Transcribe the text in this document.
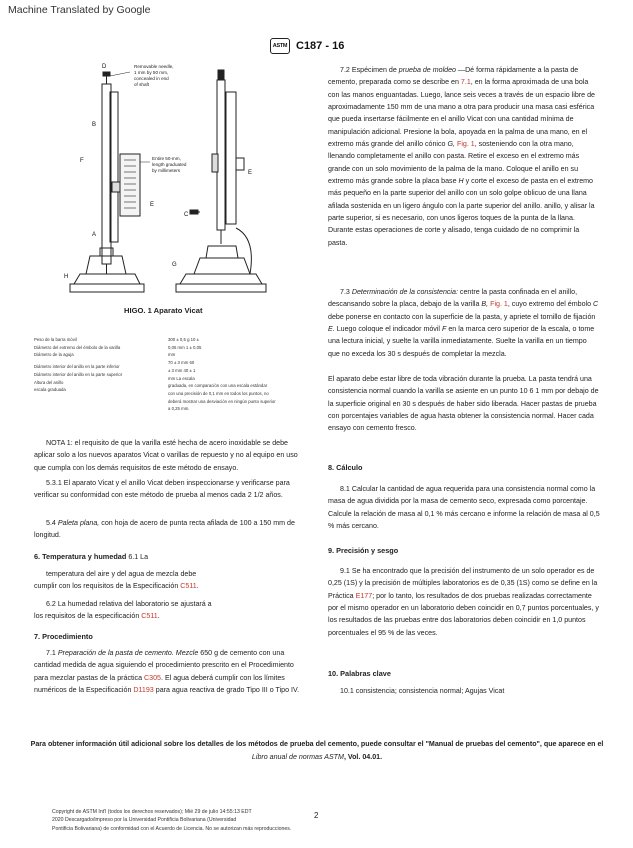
Machine Translated by Google
ASTM C187 - 16
D
B
F
E
A
H
C
G
E
Removable needle,
1 mm by 50 mm,
concealed in end
of shaft
Entire 50-mm,
length graduated
by millimeters
HIGO. 1 Aparato Vicat
Peso de la barra móvil
Diámetro del extremo del émbolo de la varilla
Diámetro de la aguja
Diámetro interior del anillo en la parte inferior
Diámetro interior del anillo en la parte superior
Altura del anillo
escala graduada
300 ± 0,5 g 10 ±
0,05 mm 1 ± 0,05
mm
70 ± 3 mm 60
± 3 mm 40 ± 1
mm La escala
graduada, en comparación con una escala estándar
con una precisión de 0,1 mm en todos los puntos, no
deberá mostrar una desviación en ningún punto superior
a 0,25 mm.
NOTA 1: el requisito de que la varilla esté hecha de acero inoxidable se debe aplicar solo a los nuevos aparatos Vicat o varillas de repuesto y no al equipo en uso que cumpla con los demás requisitos de este método de ensayo.
5.3.1 El aparato Vicat y el anillo Vicat deben inspeccionarse y verificarse para verificar su conformidad con este método de prueba al menos cada 2 1/2 años.
5.4 Paleta plana, con hoja de acero de punta recta afilada de 100 a 150 mm de longitud.
6. Temperatura y humedad 6.1 La
temperatura del aire y del agua de mezcla debe
cumplir con los requisitos de la Especificación C511.
6.2 La humedad relativa del laboratorio se ajustará a
los requisitos de la especificación C511.
7. Procedimiento
7.1 Preparación de la pasta de cemento. Mezcle 650 g de cemento con una cantidad medida de agua siguiendo el procedimiento prescrito en el Procedimiento para mezclar pastas de la práctica C305. El agua deberá cumplir con los límites numéricos de la Especificación D1193 para agua reactiva de grado Tipo III o Tipo IV.
7.2 Espécimen de prueba de moldeo —Dé forma rápidamente a la pasta de cemento, preparada como se describe en 7.1, en la forma aproximada de una bola con las manos enguantadas. Luego, lance seis veces a través de un espacio libre de aproximadamente 150 mm de una mano a otra para producir una masa casi esférica que pueda insertarse fácilmente en el anillo Vicat con una cantidad mínima de manipulación adicional. Presione la bola, apoyada en la palma de una mano, en el extremo más grande del anillo cónico G, Fig. 1, sosteniendo con la otra mano, llenando completamente el anillo con pasta. Retire el exceso en el extremo más grande con un solo movimiento de la palma de la mano. Coloque el anillo en su extremo más grande sobre la placa base H y corte el exceso de pasta en el extremo más pequeño en la parte superior del anillo con un solo golpe oblicuo de una llana afilada sostenida en un ligero ángulo con la parte superior del anillo. anillo, y alisar la parte superior, si es necesario, con unos ligeros toques de la punta de la llana. Durante estas operaciones de corte y alisado, tenga cuidado de no comprimir la pasta.
7.3 Determinación de la consistencia: centre la pasta confinada en el anillo, descansando sobre la placa, debajo de la varilla B, Fig. 1, cuyo extremo del émbolo C debe ponerse en contacto con la superficie de la pasta, y apriete el tornillo de fijación E. Luego coloque el indicador móvil F en la marca cero superior de la escala, o tome una lectura inicial, y suelte la varilla inmediatamente. Suelte la varilla en un tiempo que no exceda los 30 s después de completar la mezcla.
El aparato debe estar libre de toda vibración durante la prueba. La pasta tendrá una consistencia normal cuando la varilla se asiente en un punto 10 6 1 mm por debajo de la superficie original en 30 s después de haber sido liberada. Hacer pastas de prueba con porcentajes variables de agua hasta obtener la consistencia normal. Hacer cada ensayo con cemento fresco.
8. Cálculo
8.1 Calcular la cantidad de agua requerida para una consistencia normal como la masa de agua dividida por la masa de cemento seco, expresada como porcentaje. Calcule la relación de masa al 0,1 % más cercano e informe la relación de masa al 0,5 % más cercano.
9. Precisión y sesgo
9.1 Se ha encontrado que la precisión del instrumento de un solo operador es de 0,25 (1S) y la precisión de múltiples laboratorios es de 0,35 (1S) como se define en la Práctica E177; por lo tanto, los resultados de dos pruebas realizadas correctamente por el mismo operador en un laboratorio deben coincidir en 0,7 puntos porcentuales, y los resultados de las pruebas entre dos laboratorios deben coincidir en 1,0 puntos porcentuales el 95 % de las veces.
10. Palabras clave
10.1 consistencia; consistencia normal; Agujas Vicat
Para obtener información útil adicional sobre los detalles de los métodos de prueba del cemento, puede consultar el "Manual de pruebas del cemento", que aparece en el Libro anual de normas ASTM, Vol. 04.01.
Copyright de ASTM Int'l (todos los derechos reservados); Mié 29 de julio 14:55:13 EDT
2020 Descargado/impreso por la Universidad Pontificia Bolivariana (Universidad
Pontificia Bolivariana) de conformidad con el Acuerdo de Licencia. No se autorizan más reproducciones.
2
